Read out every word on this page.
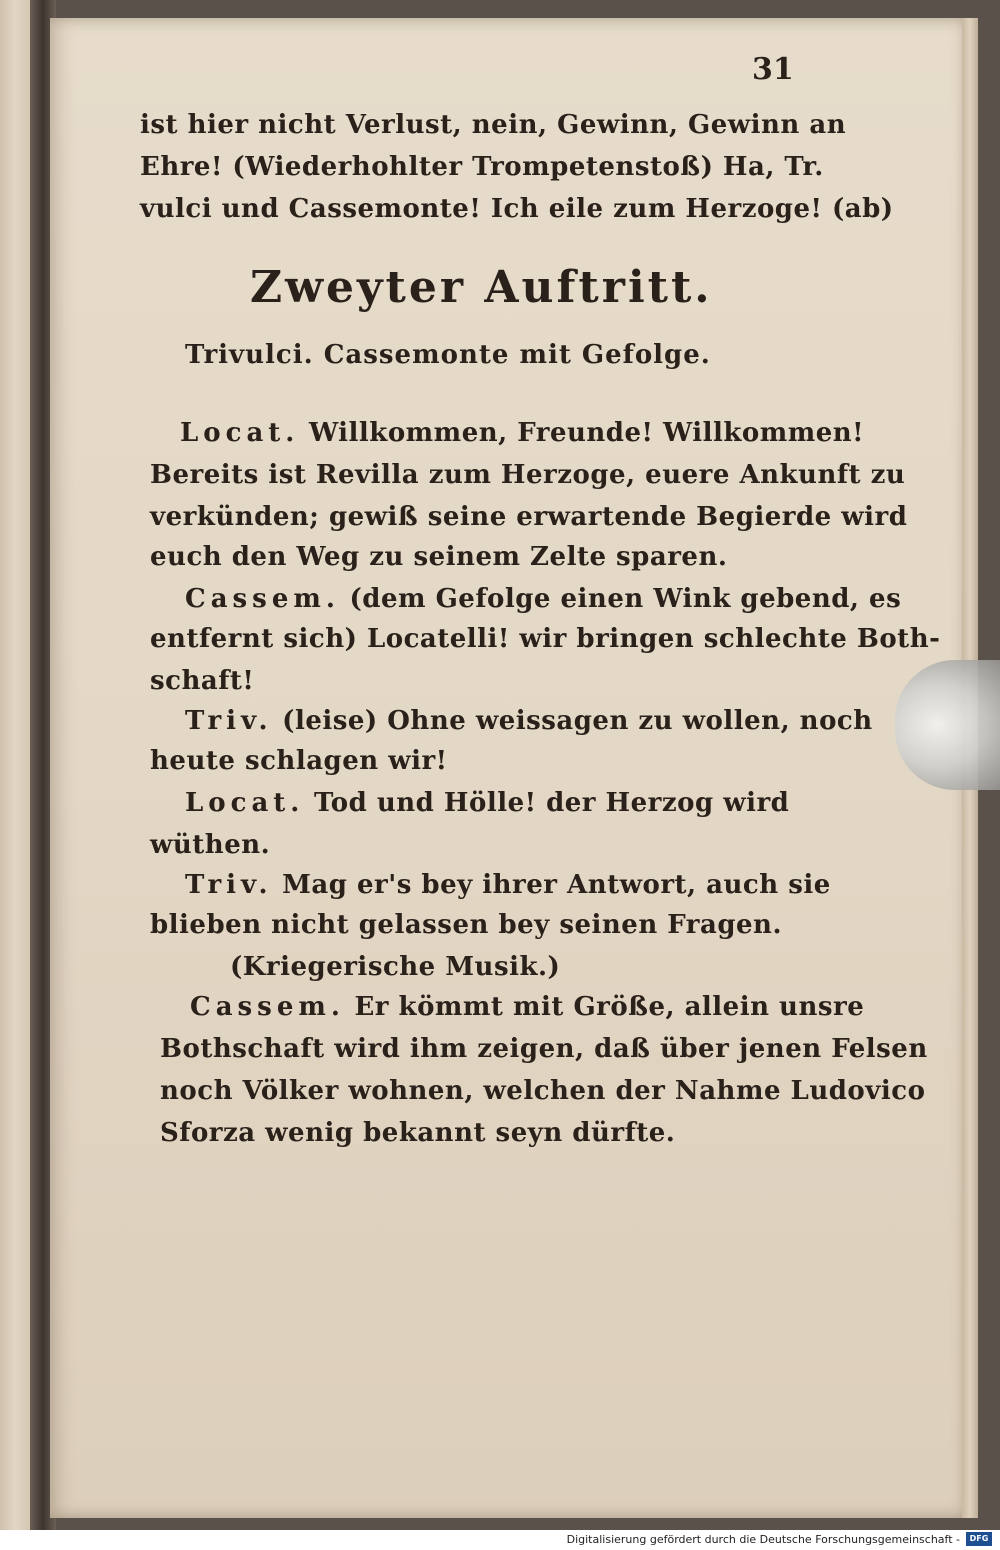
31
ist hier nicht Verlust, nein, Gewinn, Gewinn an
Ehre! (Wiederhohlter Trompetenstoß) Ha, Tr.
vulci und Cassemonte! Ich eile zum Herzoge! (ab)
Zweyter Auftritt.
Trivulci. Cassemonte mit Gefolge.
Locat. Willkommen, Freunde! Willkommen!
Bereits ist Revilla zum Herzoge, euere Ankunft zu
verkünden; gewiß seine erwartende Begierde wird
euch den Weg zu seinem Zelte sparen.
Cassem. (dem Gefolge einen Wink gebend, es
entfernt sich) Locatelli! wir bringen schlechte Both-
schaft!
Triv. (leise) Ohne weissagen zu wollen, noch
heute schlagen wir!
Locat. Tod und Hölle! der Herzog wird
wüthen.
Triv. Mag er's bey ihrer Antwort, auch sie
blieben nicht gelassen bey seinen Fragen.
(Kriegerische Musik.)
Cassem. Er kömmt mit Größe, allein unsre
Bothschaft wird ihm zeigen, daß über jenen Felsen
noch Völker wohnen, welchen der Nahme Ludovico
Sforza wenig bekannt seyn dürfte.
Digitalisierung gefördert durch die Deutsche Forschungsgemeinschaft -	DFG
